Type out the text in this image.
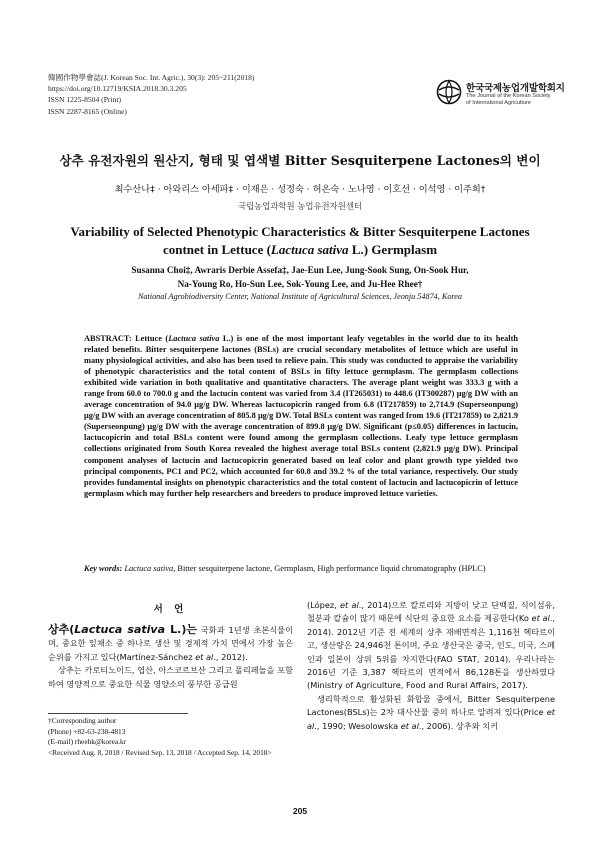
韓國作物學會誌(J. Korean Soc. Int. Agric.), 30(3): 205~211(2018)
https://doi.org/10.12719/KSIA.2018.30.3.205
ISSN 1225-8504 (Print)
ISSN 2287-8165 (Online)
한국국제농업개발학회지
The Journal of the Korean Society
of International Agriculture
상추 유전자원의 원산지, 형태 및 엽색별 Bitter Sesquiterpene Lactones의 변이
최수산나‡ · 아와리스 아세파‡ · 이재은 · 성정숙 · 허온숙 · 노나영 · 이호선 · 이석영 · 이주희†
국립농업과학원 농업유전자원센터
Variability of Selected Phenotypic Characteristics & Bitter Sesquiterpene Lactones
contnet in Lettuce (Lactuca sativa L.) Germplasm
Susanna Choi‡, Awraris Derbie Assefa‡, Jae-Eun Lee, Jung-Sook Sung, On-Sook Hur,
Na-Young Ro, Ho-Sun Lee, Sok-Young Lee, and Ju-Hee Rhee†
National Agrobiodiversity Center, National Institute of Agricultural Sciences, Jeonju 54874, Korea
ABSTRACT: Lettuce (Lactuca sativa L.) is one of the most important leafy vegetables in the world due to its health related benefits. Bitter sesquiterpene lactones (BSLs) are crucial secondary metabolites of lettuce which are useful in many physiological activities, and also has been used to relieve pain. This study was conducted to appraise the variability of phenotypic characteristics and the total content of BSLs in fifty lettuce germplasm. The germplasm collections exhibited wide variation in both qualitative and quantitative characters. The average plant weight was 333.3 g with a range from 60.0 to 700.0 g and the lactucin content was varied from 3.4 (IT265031) to 448.6 (IT300287) μg/g DW with an average concentration of 94.0 μg/g DW. Whereas lactucopicrin ranged from 6.8 (IT217859) to 2,714.9 (Superseonpung) μg/g DW with an average concentration of 805.8 μg/g DW. Total BSLs content was ranged from 19.6 (IT217859) to 2,821.9 (Superseonpung) μg/g DW with the average concentration of 899.8 μg/g DW. Significant (p≤0.05) differences in lactucin, lactucopicrin and total BSLs content were found among the germplasm collections. Leafy type lettuce germplasm collections originated from South Korea revealed the highest average total BSLs content (2,821.9 μg/g DW). Principal component analyses of lactucin and lactucopicrin generated based on leaf color and plant growth type yielded two principal components, PC1 and PC2, which accounted for 60.8 and 39.2 % of the total variance, respectively. Our study provides fundamental insights on phenotypic characteristics and the total content of lactucin and lactucopicrin of lettuce germplasm which may further help researchers and breeders to produce improved lettuce varieties.
Key words: Lactuca sativa, Bitter sesquiterpene lactone, Germplasm, High performance liquid chromatography (HPLC)
서 언

상추(Lactuca sativa L.)는 국화과 1년생 초본식물이며, 중요한 잎채소 중 하나로 생산 및 경제적 가치 면에서 가장 높은 순위를 가지고 있다(Martínez-Sánchez et al., 2012).

상추는 카로티노이드, 엽산, 아스코르브산 그리고 폴리페놀을 포함하여 영양적으로 중요한 식물 영양소의 풍부한 공급원

(López, et al., 2014)으로 칼로리와 지방이 낮고 단백질, 식이섬유, 철분과 칼슘이 많기 때문에 식단의 중요한 요소를 제공한다(Ko et al., 2014). 2012년 기준 전 세계의 상추 재배면적은 1,116천 헥타르이고, 생산량은 24,946천 톤이며, 주요 생산국은 중국, 인도, 미국, 스페인과 일본이 상위 5위를 차지한다(FAO STAT, 2014). 우리나라는 2016년 기준 3,387 헥타르의 면적에서 86,128톤을 생산하였다(Ministry of Agriculture, Food and Rural Affairs, 2017).

생리학적으로 활성화된 화합물 중에서, Bitter Sesquiterpene Lactones(BSLs)는 2차 대사산물 중의 하나로 알려져 있다(Price et al., 1990; Wesolowska et al., 2006). 상추와 치커

†Corresponding author
(Phone) +82-63-238-4813
(E-mail) rheehk@korea.kr
<Received Aug. 8, 2018 / Revised Sep. 13, 2018 / Accepted Sep. 14, 2018>
205
